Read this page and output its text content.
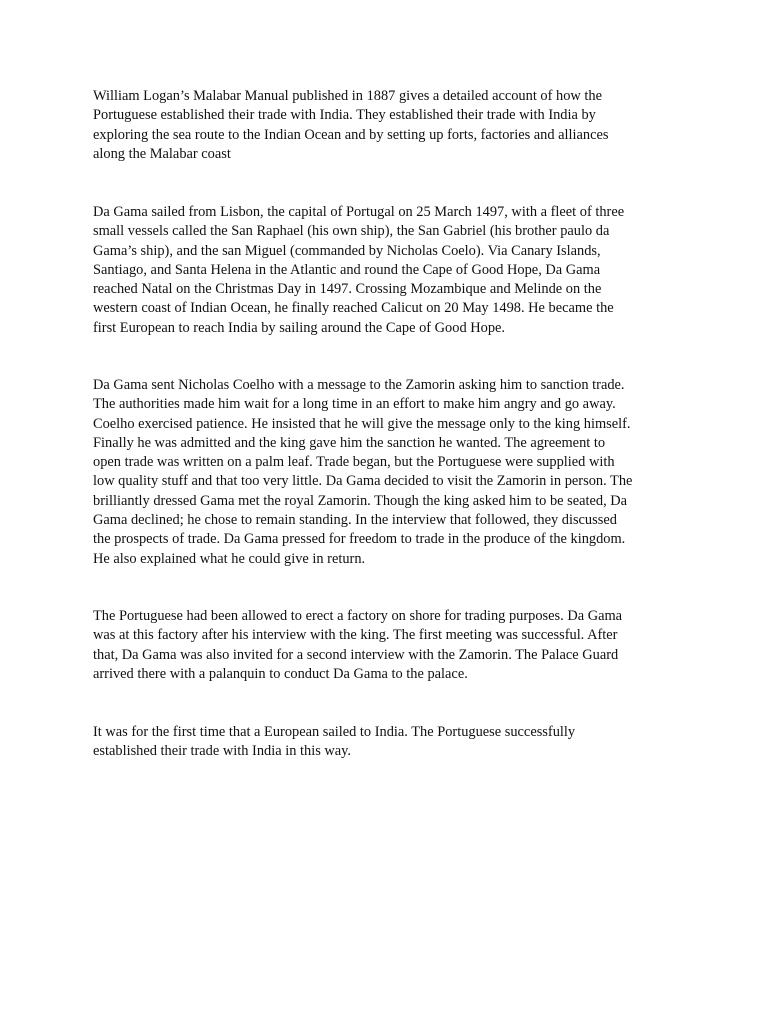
William Logan’s Malabar Manual published in 1887 gives a detailed account of how the
Portuguese established their trade with India. They established their trade with India by
exploring the sea route to the Indian Ocean and by setting up forts, factories and alliances
along the Malabar coast

Da Gama sailed from Lisbon, the capital of Portugal on 25 March 1497, with a fleet of three
small vessels called the San Raphael (his own ship), the San Gabriel (his brother paulo da
Gama’s ship), and the san Miguel (commanded by Nicholas Coelo). Via Canary Islands,
Santiago, and Santa Helena in the Atlantic and round the Cape of Good Hope, Da Gama
reached Natal on the Christmas Day in 1497. Crossing Mozambique and Melinde on the
western coast of Indian Ocean, he finally reached Calicut on 20 May 1498. He became the
first European to reach India by sailing around the Cape of Good Hope.

Da Gama sent Nicholas Coelho with a message to the Zamorin asking him to sanction trade.
The authorities made him wait for a long time in an effort to make him angry and go away.
Coelho exercised patience. He insisted that he will give the message only to the king himself.
Finally he was admitted and the king gave him the sanction he wanted. The agreement to
open trade was written on a palm leaf. Trade began, but the Portuguese were supplied with
low quality stuff and that too very little. Da Gama decided to visit the Zamorin in person. The
brilliantly dressed Gama met the royal Zamorin. Though the king asked him to be seated, Da
Gama declined; he chose to remain standing. In the interview that followed, they discussed
the prospects of trade. Da Gama pressed for freedom to trade in the produce of the kingdom.
He also explained what he could give in return.

The Portuguese had been allowed to erect a factory on shore for trading purposes. Da Gama
was at this factory after his interview with the king. The first meeting was successful. After
that, Da Gama was also invited for a second interview with the Zamorin. The Palace Guard
arrived there with a palanquin to conduct Da Gama to the palace.

It was for the first time that a European sailed to India. The Portuguese successfully
established their trade with India in this way.
